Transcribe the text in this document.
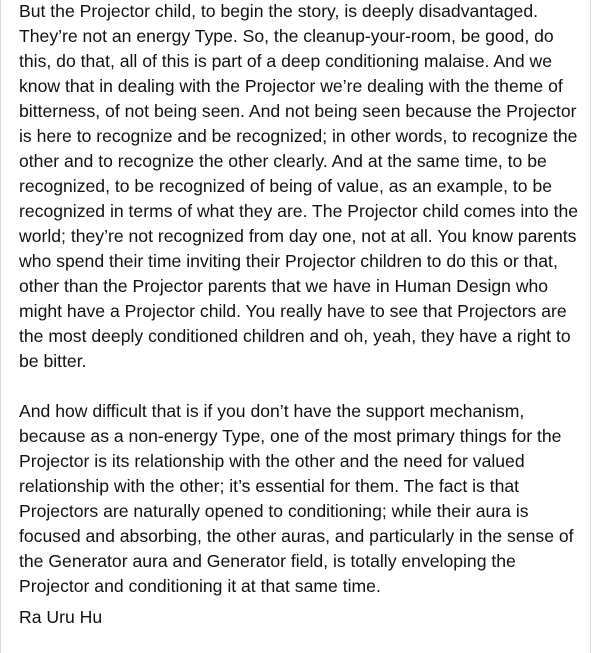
But the Projector child, to begin the story, is deeply disadvantaged. They’re not an energy Type. So, the cleanup-your-room, be good, do this, do that, all of this is part of a deep conditioning malaise. And we know that in dealing with the Projector we’re dealing with the theme of bitterness, of not being seen. And not being seen because the Projector is here to recognize and be recognized; in other words, to recognize the other and to recognize the other clearly. And at the same time, to be recognized, to be recognized of being of value, as an example, to be recognized in terms of what they are. The Projector child comes into the world; they’re not recognized from day one, not at all. You know parents who spend their time inviting their Projector children to do this or that, other than the Projector parents that we have in Human Design who might have a Projector child. You really have to see that Projectors are the most deeply conditioned children and oh, yeah, they have a right to be bitter.

And how difficult that is if you don’t have the support mechanism, because as a non-energy Type, one of the most primary things for the Projector is its relationship with the other and the need for valued relationship with the other; it’s essential for them. The fact is that Projectors are naturally opened to conditioning; while their aura is focused and absorbing, the other auras, and particularly in the sense of the Generator aura and Generator field, is totally enveloping the Projector and conditioning it at that same time.

Ra Uru Hu
